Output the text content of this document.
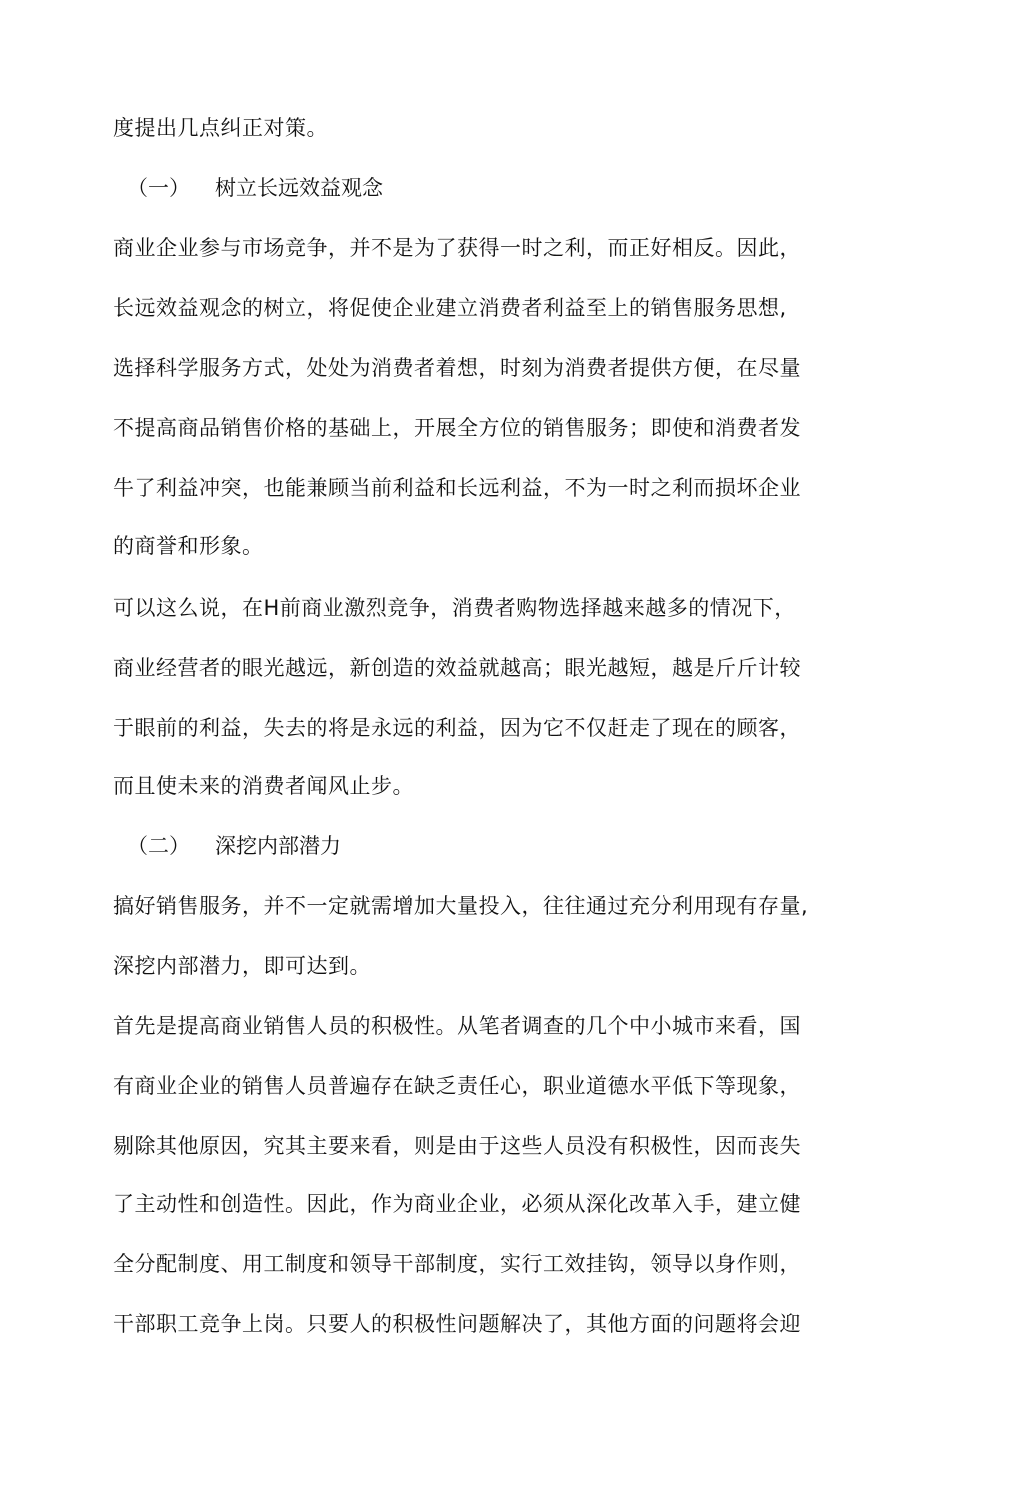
度提出几点纠正对策。
（一） 树立长远效益观念
商业企业参与市场竞争，并不是为了获得一时之利，而正好相反。因此，
长远效益观念的树立，将促使企业建立消费者利益至上的销售服务思想,
选择科学服务方式，处处为消费者着想，时刻为消费者提供方便，在尽量
不提高商品销售价格的基础上，开展全方位的销售服务；即使和消费者发
牛了利益冲突，也能兼顾当前利益和长远利益，不为一时之利而损坏企业
的商誉和形象。
可以这么说，在H前商业激烈竞争，消费者购物选择越来越多的情况下，
商业经营者的眼光越远，新创造的效益就越高；眼光越短，越是斤斤计较
于眼前的利益，失去的将是永远的利益，因为它不仅赶走了现在的顾客，
而且使未来的消费者闻风止步。
（二） 深挖内部潜力
搞好销售服务，并不一定就需增加大量投入，往往通过充分利用现有存量,
深挖内部潜力，即可达到。
首先是提高商业销售人员的积极性。从笔者调查的几个中小城市来看，国
有商业企业的销售人员普遍存在缺乏责任心，职业道德水平低下等现象，
剔除其他原因，究其主要来看，则是由于这些人员没有积极性，因而丧失
了主动性和创造性。因此，作为商业企业，必须从深化改革入手，建立健
全分配制度、用工制度和领导干部制度，实行工效挂钩，领导以身作则，
干部职工竞争上岗。只要人的积极性问题解决了，其他方面的问题将会迎
